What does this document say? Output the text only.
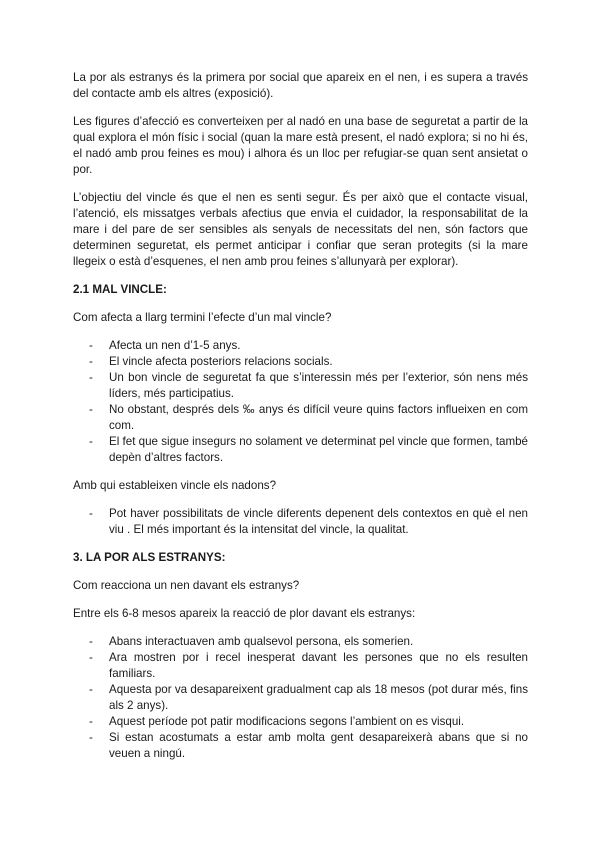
La por als estranys és la primera por social que apareix en el nen, i es supera a través del contacte amb els altres (exposició).

Les figures d’afecció es converteixen per al nadó en una base de seguretat a partir de la qual explora el món físic i social (quan la mare està present, el nadó explora; si no hi és, el nadó amb prou feines es mou) i alhora és un lloc per refugiar-se quan sent ansietat o por.

L’objectiu del vincle és que el nen es senti segur. És per això que el contacte visual, l’atenció, els missatges verbals afectius que envia el cuidador, la responsabilitat de la mare i del pare de ser sensibles als senyals de necessitats del nen, són factors que determinen seguretat, els permet anticipar i confiar que seran protegits (si la mare llegeix o està d’esquenes, el nen amb prou feines s’allunyarà per explorar).

2.1 MAL VINCLE:

Com afecta a llarg termini l’efecte d’un mal vincle?

- Afecta un nen d’1-5 anys.
- El vincle afecta posteriors relacions socials.
- Un bon vincle de seguretat fa que s’interessin més per l’exterior, són nens més líders, més participatius.
- No obstant, després dels ‰ anys és difícil veure quins factors influeixen en com com.
- El fet que sigue insegurs no solament ve determinat pel vincle que formen, també depèn d’altres factors.

Amb qui estableixen vincle els nadons?

- Pot haver possibilitats de vincle diferents depenent dels contextos en què el nen viu . El més important és la intensitat del vincle, la qualitat.
3. LA POR ALS ESTRANYS:

Com reacciona un nen davant els estranys?

Entre els 6-8 mesos apareix la reacció de plor davant els estranys:

- Abans interactuaven amb qualsevol persona, els somerien.
- Ara mostren por i recel inesperat davant les persones que no els resulten familiars.
- Aquesta por va desapareixent gradualment cap als 18 mesos (pot durar més, fins als 2 anys).
- Aquest període pot patir modificacions segons l’ambient on es visqui.
- Si estan acostumats a estar amb molta gent desapareixerà abans que si no veuen a ningú.
